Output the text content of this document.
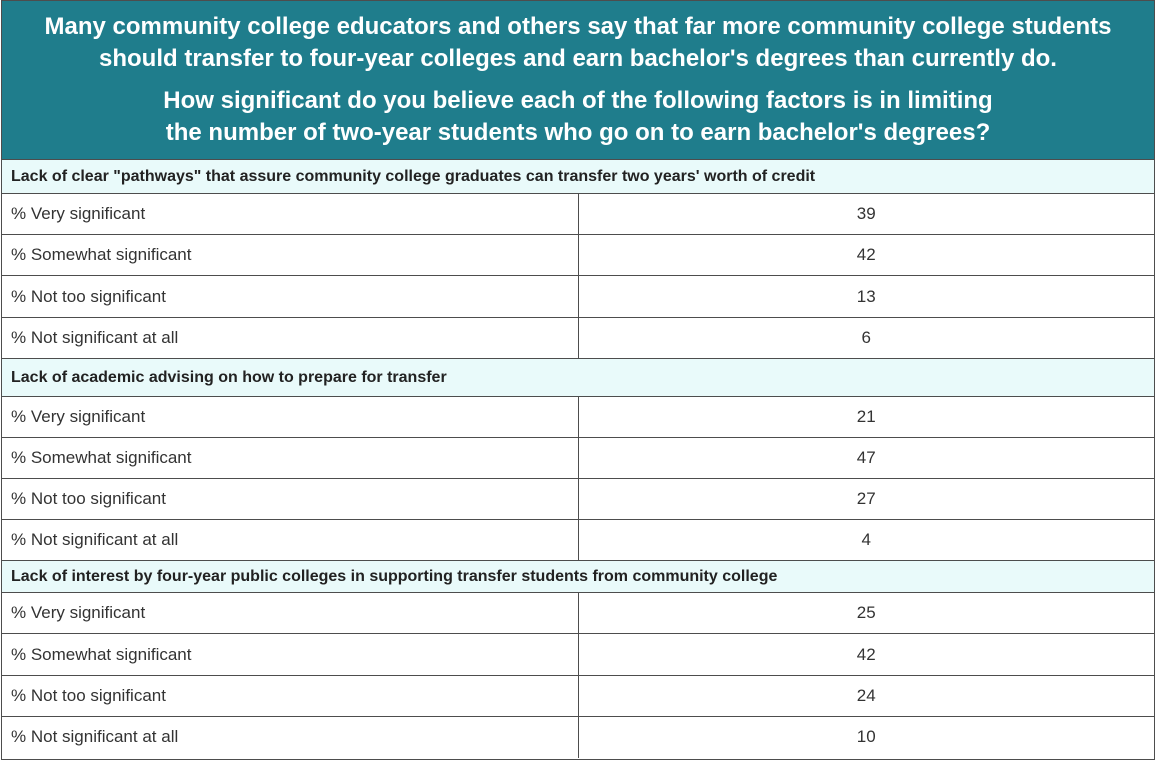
Many community college educators and others say that far more community college students
should transfer to four-year colleges and earn bachelor's degrees than currently do.

How significant do you believe each of the following factors is in limiting
the number of two-year students who go on to earn bachelor's degrees?

Lack of clear "pathways" that assure community college graduates can transfer two years' worth of credit	
% Very significant	39
% Somewhat significant	42
% Not too significant	13
% Not significant at all	6
Lack of academic advising on how to prepare for transfer	
% Very significant	21
% Somewhat significant	47
% Not too significant	27
% Not significant at all	4
Lack of interest by four-year public colleges in supporting transfer students from community college	
% Very significant	25
% Somewhat significant	42
% Not too significant	24
% Not significant at all	10
